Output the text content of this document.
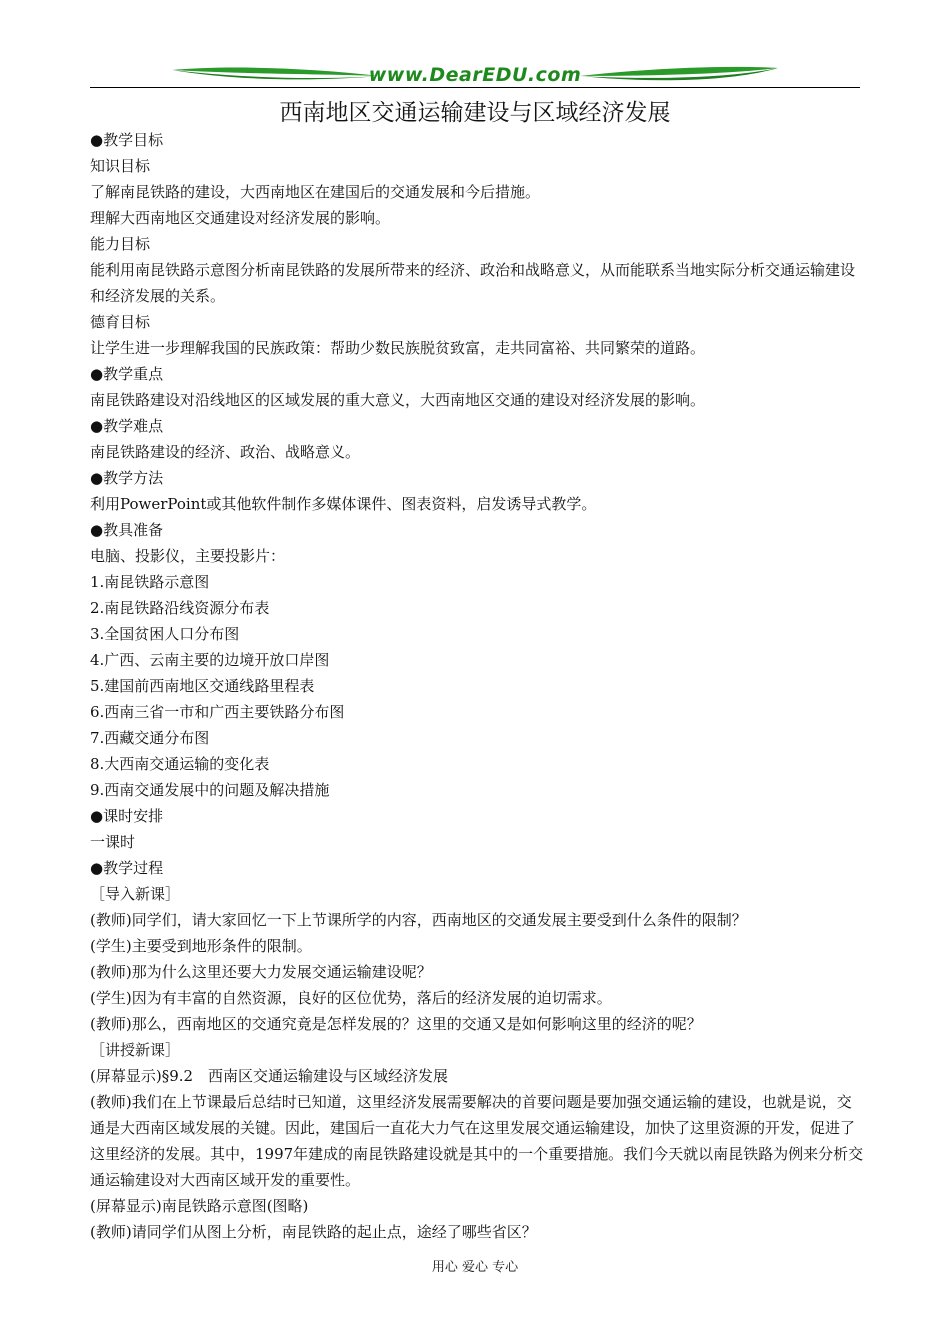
www.DearEDU.com
西南地区交通运输建设与区域经济发展
●教学目标
知识目标
了解南昆铁路的建设，大西南地区在建国后的交通发展和今后措施。
理解大西南地区交通建设对经济发展的影响。
能力目标
能利用南昆铁路示意图分析南昆铁路的发展所带来的经济、政治和战略意义，从而能联系当地实际分析交通运输建设和经济发展的关系。
德育目标
让学生进一步理解我国的民族政策：帮助少数民族脱贫致富，走共同富裕、共同繁荣的道路。
●教学重点
南昆铁路建设对沿线地区的区域发展的重大意义，大西南地区交通的建设对经济发展的影响。
●教学难点
南昆铁路建设的经济、政治、战略意义。
●教学方法
利用PowerPoint或其他软件制作多媒体课件、图表资料，启发诱导式教学。
●教具准备
电脑、投影仪，主要投影片：
1.南昆铁路示意图
2.南昆铁路沿线资源分布表
3.全国贫困人口分布图
4.广西、云南主要的边境开放口岸图
5.建国前西南地区交通线路里程表
6.西南三省一市和广西主要铁路分布图
7.西藏交通分布图
8.大西南交通运输的变化表
9.西南交通发展中的问题及解决措施
●课时安排
一课时
●教学过程
［导入新课］
(教师)同学们，请大家回忆一下上节课所学的内容，西南地区的交通发展主要受到什么条件的限制？
(学生)主要受到地形条件的限制。
(教师)那为什么这里还要大力发展交通运输建设呢？
(学生)因为有丰富的自然资源，良好的区位优势，落后的经济发展的迫切需求。
(教师)那么，西南地区的交通究竟是怎样发展的？这里的交通又是如何影响这里的经济的呢？
［讲授新课］
(屏幕显示)§9.2　西南区交通运输建设与区域经济发展
(教师)我们在上节课最后总结时已知道，这里经济发展需要解决的首要问题是要加强交通运输的建设，也就是说，交通是大西南区域发展的关键。因此，建国后一直花大力气在这里发展交通运输建设，加快了这里资源的开发，促进了这里经济的发展。其中，1997年建成的南昆铁路建设就是其中的一个重要措施。我们今天就以南昆铁路为例来分析交通运输建设对大西南区域开发的重要性。
(屏幕显示)南昆铁路示意图(图略)
(教师)请同学们从图上分析，南昆铁路的起止点，途经了哪些省区？
用心 爱心 专心
